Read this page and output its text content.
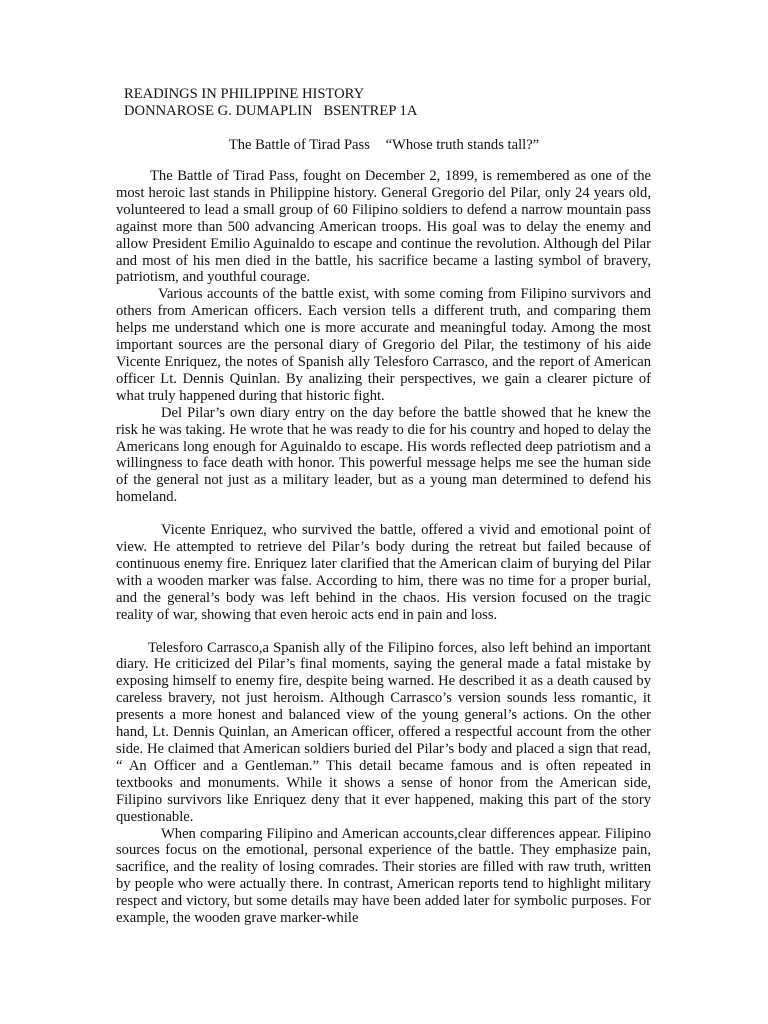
READINGS IN PHILIPPINE HISTORY
DONNAROSE G. DUMAPLIN   BSENTREP 1A
The Battle of Tirad Pass “Whose truth stands tall?”

The Battle of Tirad Pass, fought on December 2, 1899, is remembered as one of the most heroic last stands in Philippine history. General Gregorio del Pilar, only 24 years old, volunteered to lead a small group of 60 Filipino soldiers to defend a narrow mountain pass against more than 500 advancing American troops. His goal was to delay the enemy and allow President Emilio Aguinaldo to escape and continue the revolution. Although del Pilar and most of his men died in the battle, his sacrifice became a lasting symbol of bravery, patriotism, and youthful courage.

Various accounts of the battle exist, with some coming from Filipino survivors and others from American officers. Each version tells a different truth, and comparing them helps me understand which one is more accurate and meaningful today. Among the most important sources are the personal diary of Gregorio del Pilar, the testimony of his aide Vicente Enriquez, the notes of Spanish ally Telesforo Carrasco, and the report of American officer Lt. Dennis Quinlan. By analizing their perspectives, we gain a clearer picture of what truly happened during that historic fight.

Del Pilar’s own diary entry on the day before the battle showed that he knew the risk he was taking. He wrote that he was ready to die for his country and hoped to delay the Americans long enough for Aguinaldo to escape. His words reflected deep patriotism and a willingness to face death with honor. This powerful message helps me see the human side of the general not just as a military leader, but as a young man determined to defend his homeland.

Vicente Enriquez, who survived the battle, offered a vivid and emotional point of view. He attempted to retrieve del Pilar’s body during the retreat but failed because of continuous enemy fire. Enriquez later clarified that the American claim of burying del Pilar with a wooden marker was false. According to him, there was no time for a proper burial, and the general’s body was left behind in the chaos. His version focused on the tragic reality of war, showing that even heroic acts end in pain and loss.

Telesforo Carrasco,a Spanish ally of the Filipino forces, also left behind an important diary. He criticized del Pilar’s final moments, saying the general made a fatal mistake by exposing himself to enemy fire, despite being warned. He described it as a death caused by careless bravery, not just heroism. Although Carrasco’s version sounds less romantic, it presents a more honest and balanced view of the young general’s actions. On the other hand, Lt. Dennis Quinlan, an American officer, offered a respectful account from the other side. He claimed that American soldiers buried del Pilar’s body and placed a sign that read, “ An Officer and a Gentleman.” This detail became famous and is often repeated in textbooks and monuments. While it shows a sense of honor from the American side, Filipino survivors like Enriquez deny that it ever happened, making this part of the story questionable.

When comparing Filipino and American accounts,clear differences appear. Filipino sources focus on the emotional, personal experience of the battle. They emphasize pain, sacrifice, and the reality of losing comrades. Their stories are filled with raw truth, written by people who were actually there. In contrast, American reports tend to highlight military respect and victory, but some details may have been added later for symbolic purposes. For example, the wooden grave marker-while
